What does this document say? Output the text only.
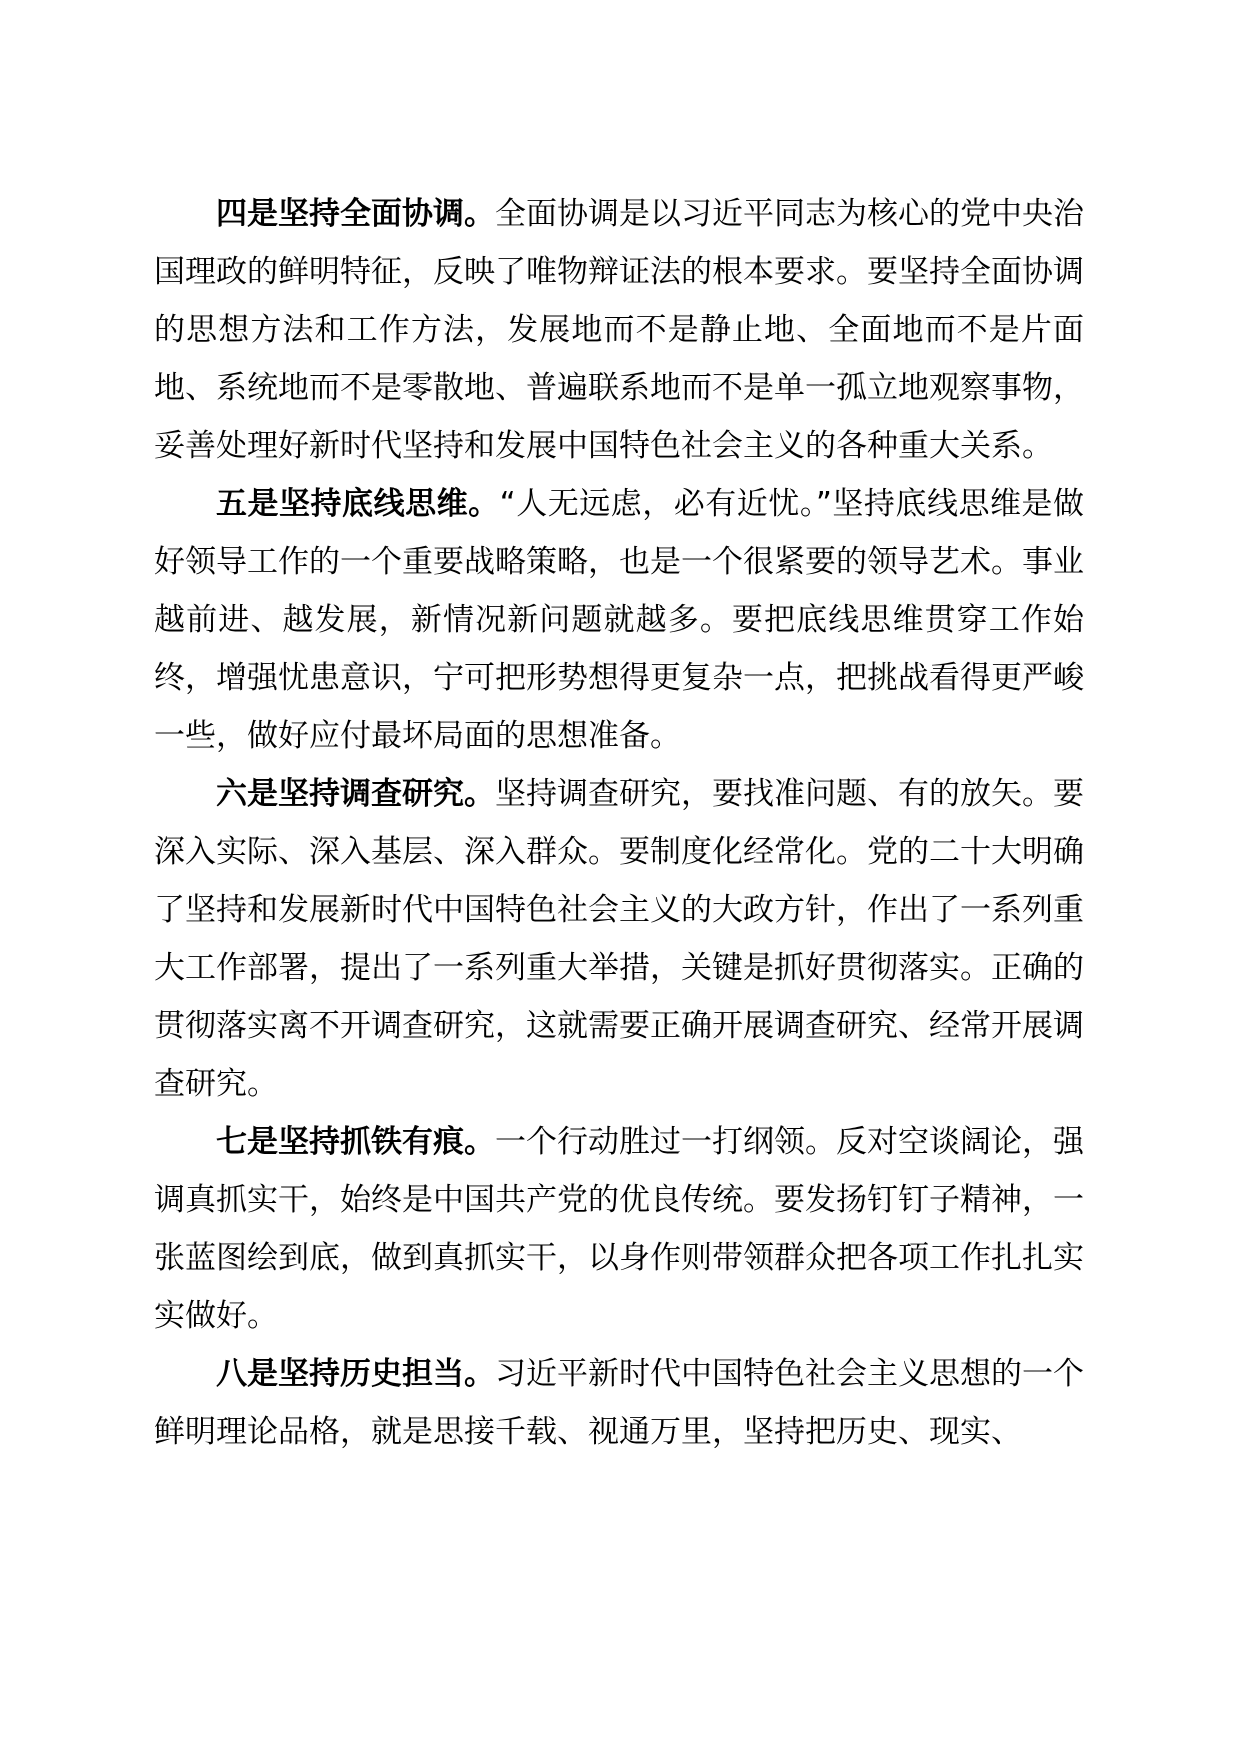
四是坚持全面协调。全面协调是以习近平同志为核心的党中央治国理政的鲜明特征，反映了唯物辩证法的根本要求。要坚持全面协调的思想方法和工作方法，发展地而不是静止地、全面地而不是片面地、系统地而不是零散地、普遍联系地而不是单一孤立地观察事物，妥善处理好新时代坚持和发展中国特色社会主义的各种重大关系。

五是坚持底线思维。“人无远虑，必有近忧。”坚持底线思维是做好领导工作的一个重要战略策略，也是一个很紧要的领导艺术。事业越前进、越发展，新情况新问题就越多。要把底线思维贯穿工作始终，增强忧患意识，宁可把形势想得更复杂一点，把挑战看得更严峻一些，做好应付最坏局面的思想准备。

六是坚持调查研究。坚持调查研究，要找准问题、有的放矢。要深入实际、深入基层、深入群众。要制度化经常化。党的二十大明确了坚持和发展新时代中国特色社会主义的大政方针，作出了一系列重大工作部署，提出了一系列重大举措，关键是抓好贯彻落实。正确的贯彻落实离不开调查研究，这就需要正确开展调查研究、经常开展调查研究。

七是坚持抓铁有痕。一个行动胜过一打纲领。反对空谈阔论，强调真抓实干，始终是中国共产党的优良传统。要发扬钉钉子精神，一张蓝图绘到底，做到真抓实干，以身作则带领群众把各项工作扎扎实实做好。

八是坚持历史担当。习近平新时代中国特色社会主义思想的一个鲜明理论品格，就是思接千载、视通万里，坚持把历史、现实、
